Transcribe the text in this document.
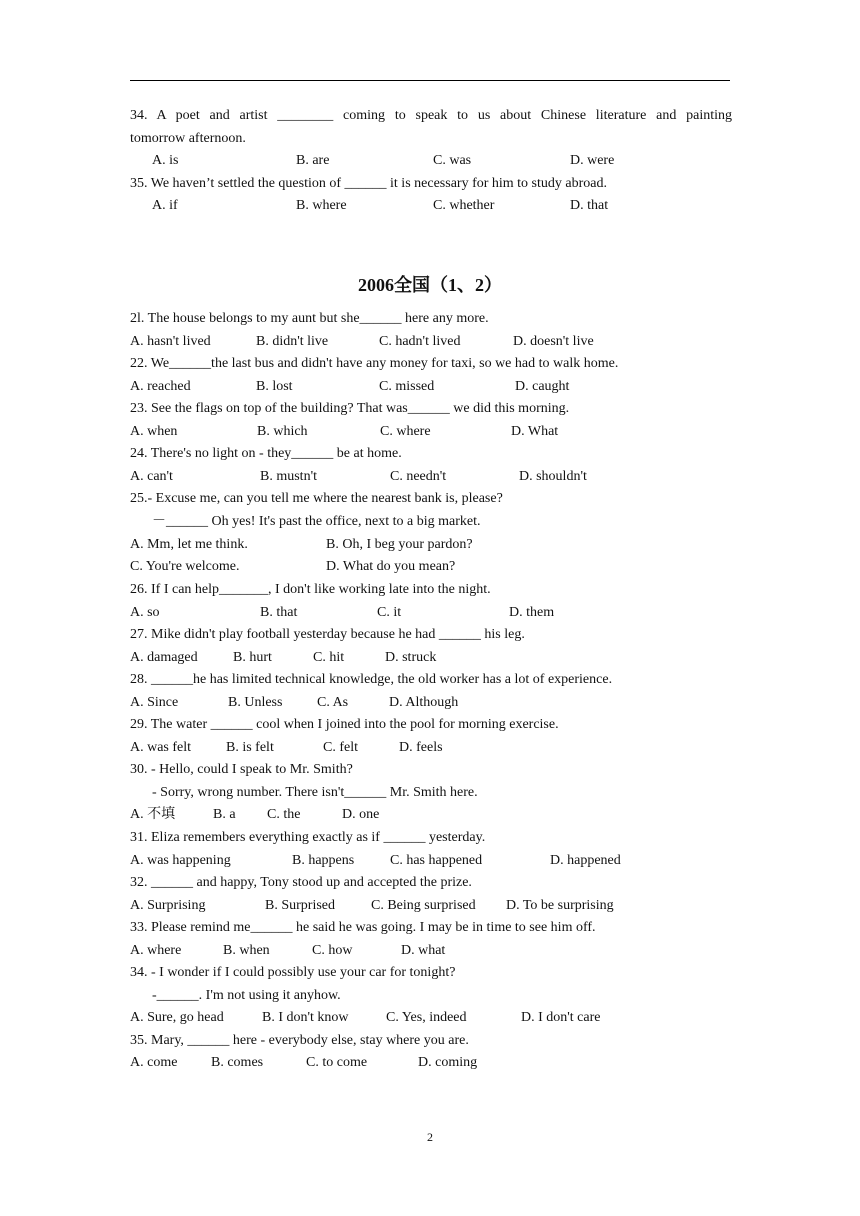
34. A poet and artist ________ coming to speak to us about Chinese literature and painting
tomorrow afternoon.
A. is	B. are	C. was	D. were
35. We haven’t settled the question of ______ it is necessary for him to study abroad.
A. if	B. where	C. whether	D. that
2006全国（1、2）
2l. The house belongs to my aunt but she______ here any more.
A. hasn't lived	B. didn't live	C. hadn't lived	D. doesn't live
22. We______the last bus and didn't have any money for taxi, so we had to walk home.
A. reached	B. lost	C. missed	D. caught
23. See the flags on top of the building? That was______ we did this morning.
A. when	B. which	C. where	D. What
24. There's no light on - they______ be at home.
A. can't	B. mustn't	C. needn't	D. shouldn't
25.- Excuse me, can you tell me where the nearest bank is, please?
－______ Oh yes! It's past the office, next to a big market.
A. Mm, let me think.	B. Oh, I beg your pardon?
C. You're welcome.	D. What do you mean?
26. If I can help_______, I don't like working late into the night.
A. so	B. that	C. it	D. them
27. Mike didn't play football yesterday because he had ______ his leg.
A. damaged	B. hurt	C. hit	D. struck
28. ______he has limited technical knowledge, the old worker has a lot of experience.
A. Since	B. Unless C. As	D. Although
29. The water ______ cool when I joined into the pool for morning exercise.
A. was felt B. is felt	C. felt	D. feels
30. - Hello, could I speak to Mr. Smith?
- Sorry, wrong number. There isn't______ Mr. Smith here.
A. 不填	B. a C. the	D. one
31. Eliza remembers everything exactly as if ______ yesterday.
A. was happening	B. happens	C. has happened	D. happened
32. ______ and happy, Tony stood up and accepted the prize.
A. Surprising	B. Surprised	C. Being surprised D. To be surprising
33. Please remind me______ he said he was going. I may be in time to see him off.
A. where	B. when	C. how	D. what
34. - I wonder if I could possibly use your car for tonight?
-______. I'm not using it anyhow.
A. Sure, go head	B. I don't know	C. Yes, indeed	D. I don't care
35. Mary, ______ here - everybody else, stay where you are.
A. come B. comes	C. to come	D. coming
2
